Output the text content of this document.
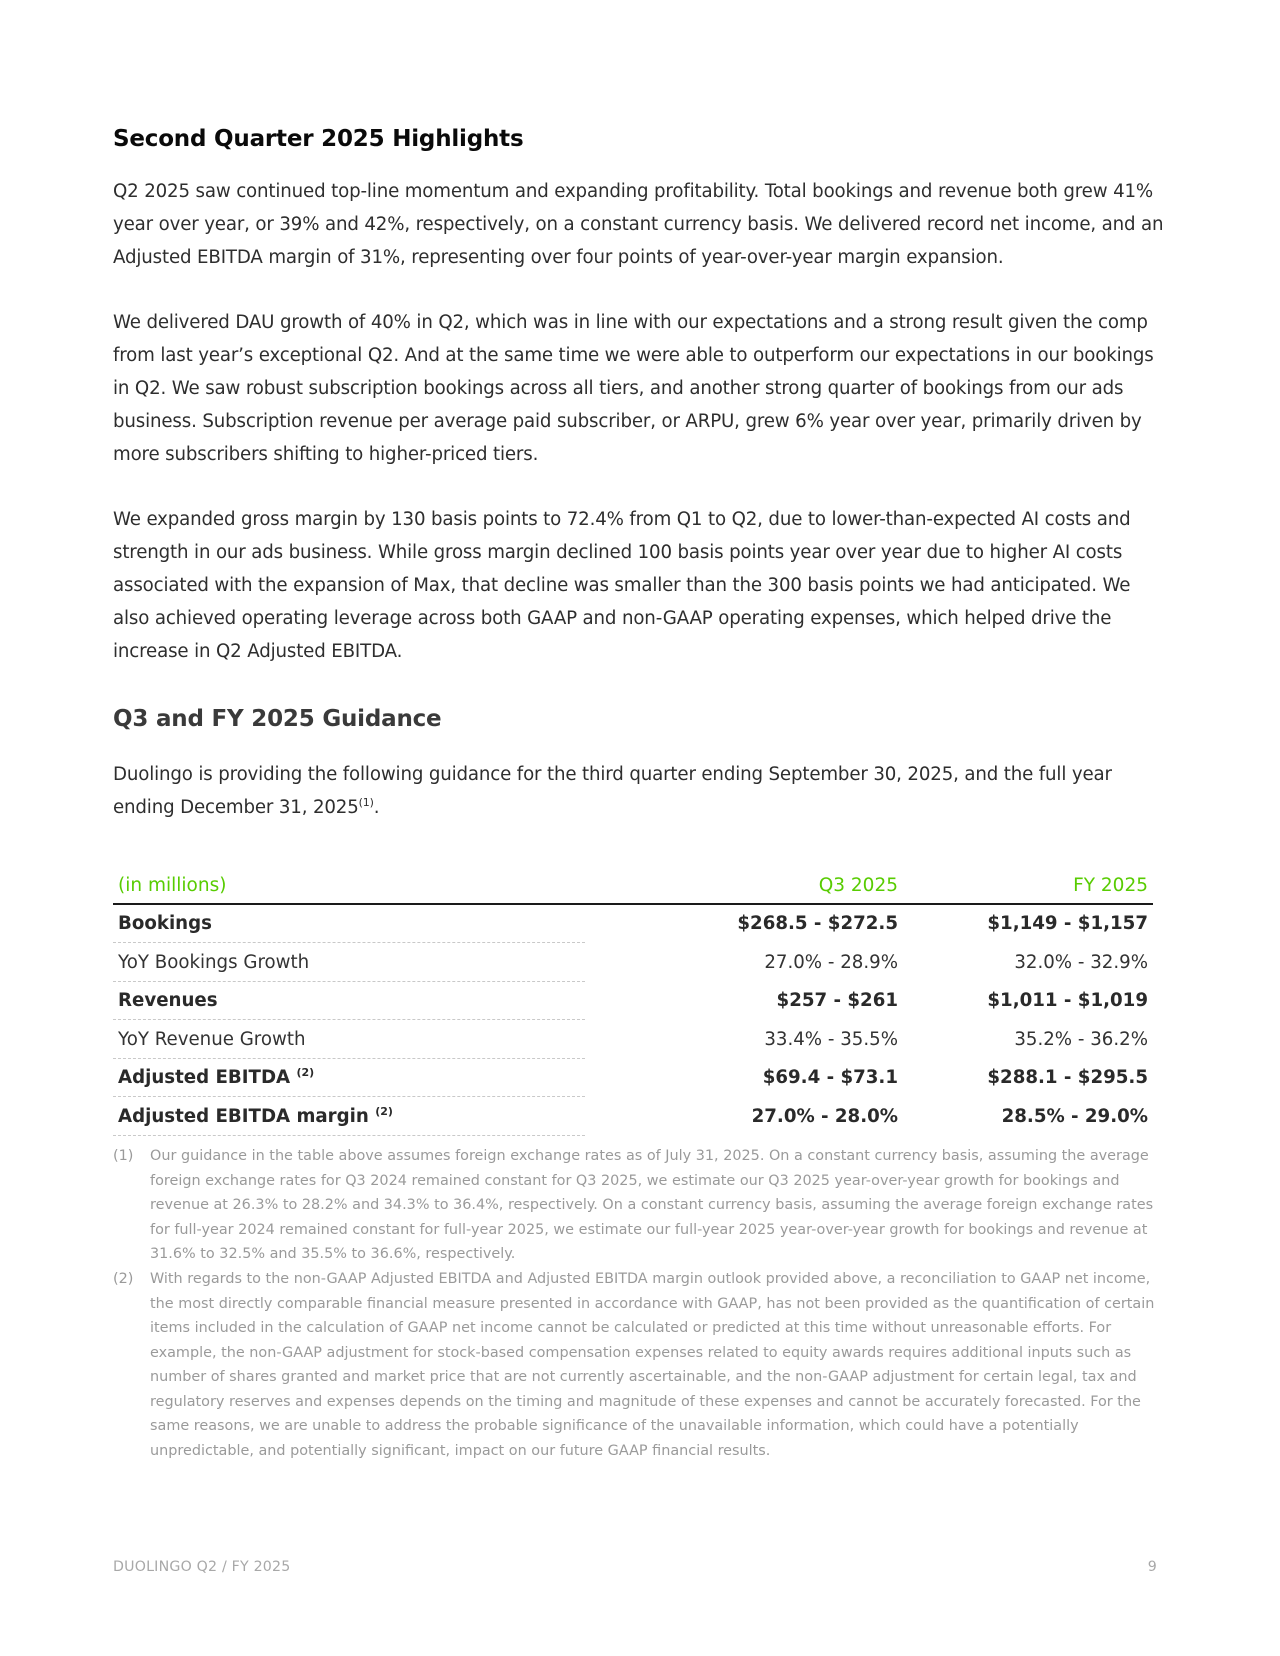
Second Quarter 2025 Highlights

Q2 2025 saw continued top-line momentum and expanding profitability. Total bookings and revenue both grew 41% year over year, or 39% and 42%, respectively, on a constant currency basis. We delivered record net income, and an Adjusted EBITDA margin of 31%, representing over four points of year-over-year margin expansion.

We delivered DAU growth of 40% in Q2, which was in line with our expectations and a strong result given the comp from last year’s exceptional Q2. And at the same time we were able to outperform our expectations in our bookings in Q2. We saw robust subscription bookings across all tiers, and another strong quarter of bookings from our ads business. Subscription revenue per average paid subscriber, or ARPU, grew 6% year over year, primarily driven by more subscribers shifting to higher-priced tiers.

We expanded gross margin by 130 basis points to 72.4% from Q1 to Q2, due to lower-than-expected AI costs and strength in our ads business. While gross margin declined 100 basis points year over year due to higher AI costs associated with the expansion of Max, that decline was smaller than the 300 basis points we had anticipated. We also achieved operating leverage across both GAAP and non-GAAP operating expenses, which helped drive the increase in Q2 Adjusted EBITDA.

Q3 and FY 2025 Guidance

Duolingo is providing the following guidance for the third quarter ending September 30, 2025, and the full year ending December 31, 2025$^{(1)}$.

(in millions)		Q3 2025	FY 2025
Bookings		$268.5 - $272.5	$1,149 - $1,157
YoY Bookings Growth		27.0% - 28.9%	32.0% - 32.9%
Revenues		$257 - $261	$1,011 - $1,019
YoY Revenue Growth		33.4% - 35.5%	35.2% - 36.2%
Adjusted EBITDA $^{(2)}$		$69.4 - $73.1	$288.1 - $295.5
Adjusted EBITDA margin $^{(2)}$		27.0% - 28.0%	28.5% - 29.0%
(1)	Our guidance in the table above assumes foreign exchange rates as of July 31, 2025. On a constant currency basis, assuming the average foreign exchange rates for Q3 2024 remained constant for Q3 2025, we estimate our Q3 2025 year-over-year growth for bookings and revenue at 26.3% to 28.2% and 34.3% to 36.4%, respectively. On a constant currency basis, assuming the average foreign exchange rates for full-year 2024 remained constant for full-year 2025, we estimate our full-year 2025 year-over-year growth for bookings and revenue at 31.6% to 32.5% and 35.5% to 36.6%, respectively.
(2)	With regards to the non-GAAP Adjusted EBITDA and Adjusted EBITDA margin outlook provided above, a reconciliation to GAAP net income, the most directly comparable financial measure presented in accordance with GAAP, has not been provided as the quantification of certain items included in the calculation of GAAP net income cannot be calculated or predicted at this time without unreasonable efforts. For example, the non-GAAP adjustment for stock-based compensation expenses related to equity awards requires additional inputs such as number of shares granted and market price that are not currently ascertainable, and the non-GAAP adjustment for certain legal, tax and regulatory reserves and expenses depends on the timing and magnitude of these expenses and cannot be accurately forecasted. For the same reasons, we are unable to address the probable significance of the unavailable information, which could have a potentially unpredictable, and potentially significant, impact on our future GAAP financial results.
DUOLINGO Q2 / FY 2025	9
